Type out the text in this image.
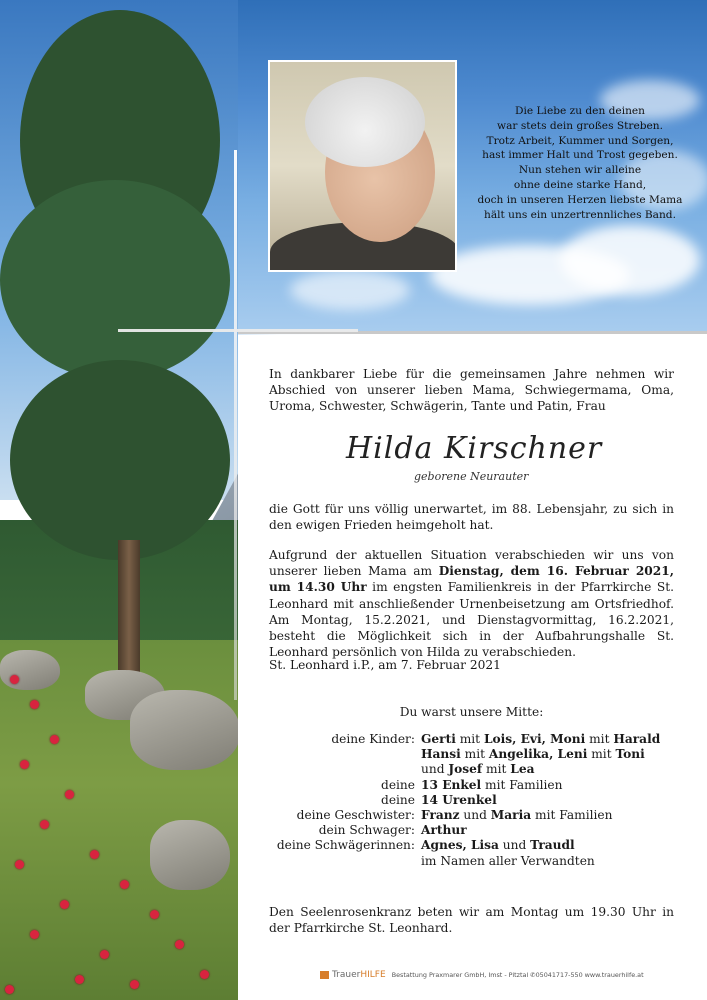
Die Liebe zu den deinen
war stets dein großes Streben.
Trotz Arbeit, Kummer und Sorgen,
hast immer Halt und Trost gegeben.
Nun stehen wir alleine
ohne deine starke Hand,
doch in unseren Herzen liebste Mama
hält uns ein unzertrennliches Band.
In dankbarer Liebe für die gemeinsamen Jahre nehmen wir Abschied von unserer lieben Mama, Schwiegermama, Oma, Uroma, Schwester, Schwägerin, Tante und Patin, Frau
Hilda Kirschner
geborene Neurauter
die Gott für uns völlig unerwartet, im 88. Lebensjahr, zu sich in den ewigen Frieden heimgeholt hat.
Aufgrund der aktuellen Situation verabschieden wir uns von unserer lieben Mama am Dienstag, dem 16. Februar 2021, um 14.30 Uhr im engsten Familienkreis in der Pfarrkirche St. Leonhard mit anschließender Urnenbeisetzung am Ortsfriedhof. Am Montag, 15.2.2021, und Dienstagvormittag, 16.2.2021, besteht die Möglichkeit sich in der Aufbahrungshalle St. Leonhard persönlich von Hilda zu verabschieden.
St. Leonhard i.P., am 7. Februar 2021
Du warst unsere Mitte:
deine Kinder:	Gerti mit Lois, Evi, Moni mit Harald
	Hansi mit Angelika, Leni mit Toni
	und Josef mit Lea
deine	13 Enkel mit Familien
deine	14 Urenkel
deine Geschwister:	Franz und Maria mit Familien
dein Schwager:	Arthur
deine Schwägerinnen:	Agnes, Lisa und Traudl
	im Namen aller Verwandten
Den Seelenrosenkranz beten wir am Montag um 19.30 Uhr in der Pfarrkirche St. Leonhard.
TrauerHILFE Bestattung Praxmarer GmbH, Imst - Pitztal ✆05041717-550 www.trauerhilfe.at
